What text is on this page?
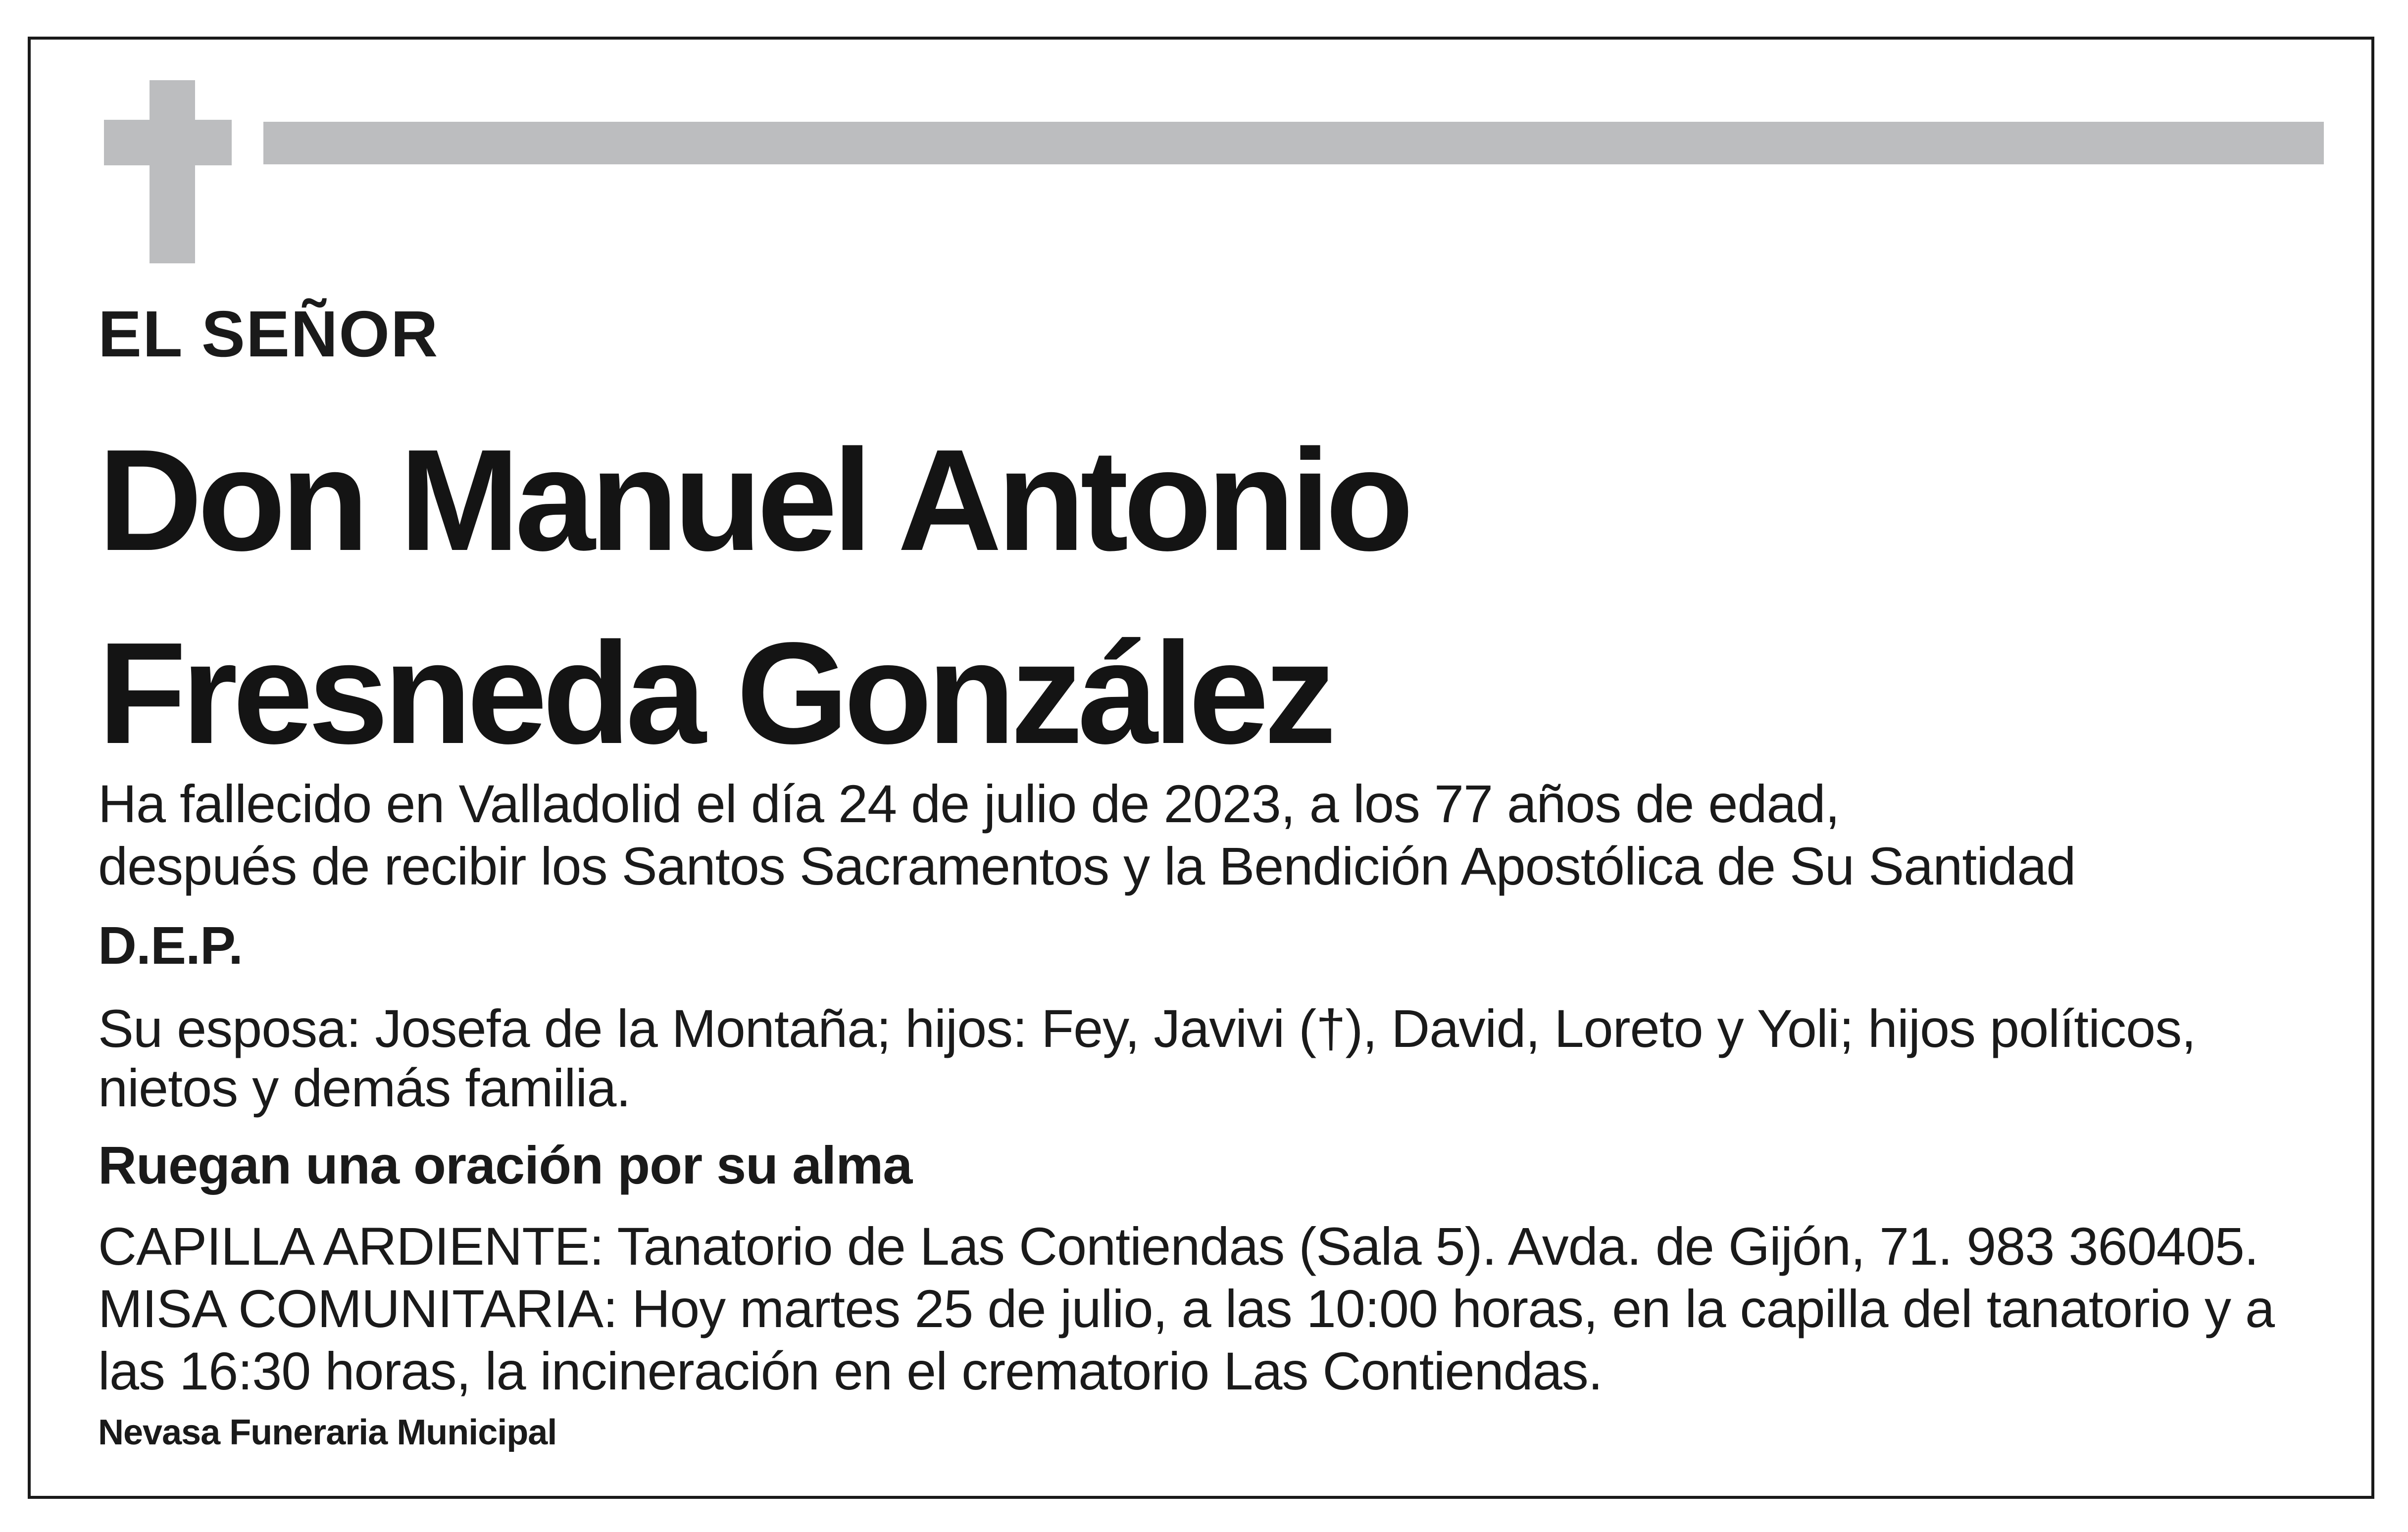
EL SEÑOR
Don Manuel Antonio
Fresneda González
Ha fallecido en Valladolid el día 24 de julio de 2023, a los 77 años de edad,
después de recibir los Santos Sacramentos y la Bendición Apostólica de Su Santidad
D.E.P.
Su esposa: Josefa de la Montaña; hijos: Fey, Javivi (†), David, Loreto y Yoli; hijos políticos,
nietos y demás familia.
Ruegan una oración por su alma
CAPILLA ARDIENTE: Tanatorio de Las Contiendas (Sala 5). Avda. de Gijón, 71. 983 360405.
MISA COMUNITARIA: Hoy martes 25 de julio, a las 10:00 horas, en la capilla del tanatorio y a
las 16:30 horas, la incineración en el crematorio Las Contiendas.
Nevasa Funeraria Municipal
